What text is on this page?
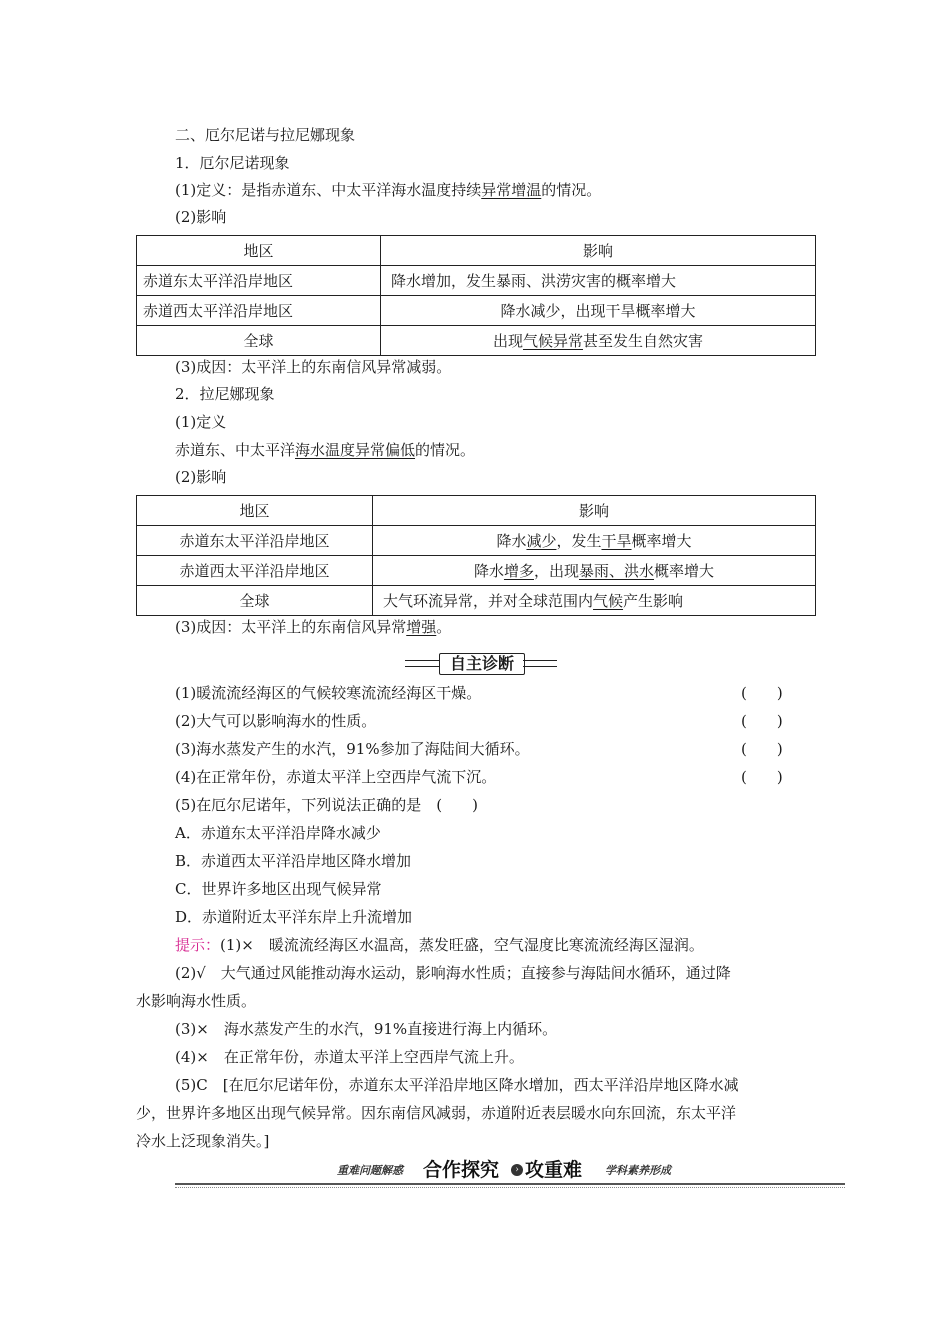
二、厄尔尼诺与拉尼娜现象
1．厄尔尼诺现象
(1)定义：是指赤道东、中太平洋海水温度持续异常增温的情况。
(2)影响
地区	影响
赤道东太平洋沿岸地区	降水增加，发生暴雨、洪涝灾害的概率增大
赤道西太平洋沿岸地区	降水减少，出现干旱概率增大
全球	出现气候异常甚至发生自然灾害
(3)成因：太平洋上的东南信风异常减弱。
2．拉尼娜现象
(1)定义
赤道东、中太平洋海水温度异常偏低的情况。
(2)影响
地区	影响
赤道东太平洋沿岸地区	降水减少，发生干旱概率增大
赤道西太平洋沿岸地区	降水增多，出现暴雨、洪水概率增大
全球	大气环流异常，并对全球范围内气候产生影响
(3)成因：太平洋上的东南信风异常增强。
自主诊断
(1)暖流流经海区的气候较寒流流经海区干燥。	(　　)
(2)大气可以影响海水的性质。	(　　)
(3)海水蒸发产生的水汽，91%参加了海陆间大循环。	(　　)
(4)在正常年份，赤道太平洋上空西岸气流下沉。	(　　)
(5)在厄尔尼诺年，下列说法正确的是　(　　)
A．赤道东太平洋沿岸降水减少
B．赤道西太平洋沿岸地区降水增加
C．世界许多地区出现气候异常
D．赤道附近太平洋东岸上升流增加
提示：(1)×　暖流流经海区水温高，蒸发旺盛，空气湿度比寒流流经海区湿润。
(2)√　大气通过风能推动海水运动，影响海水性质；直接参与海陆间水循环，通过降
水影响海水性质。
(3)×　海水蒸发产生的水汽，91%直接进行海上内循环。
(4)×　在正常年份，赤道太平洋上空西岸气流上升。
(5)C　[在厄尔尼诺年份，赤道东太平洋沿岸地区降水增加，西太平洋沿岸地区降水减
少，世界许多地区出现气候异常。因东南信风减弱，赤道附近表层暖水向东回流，东太平洋
冷水上泛现象消失。]
重难问题解惑 合作探究	› 攻重难 学科素养形成
